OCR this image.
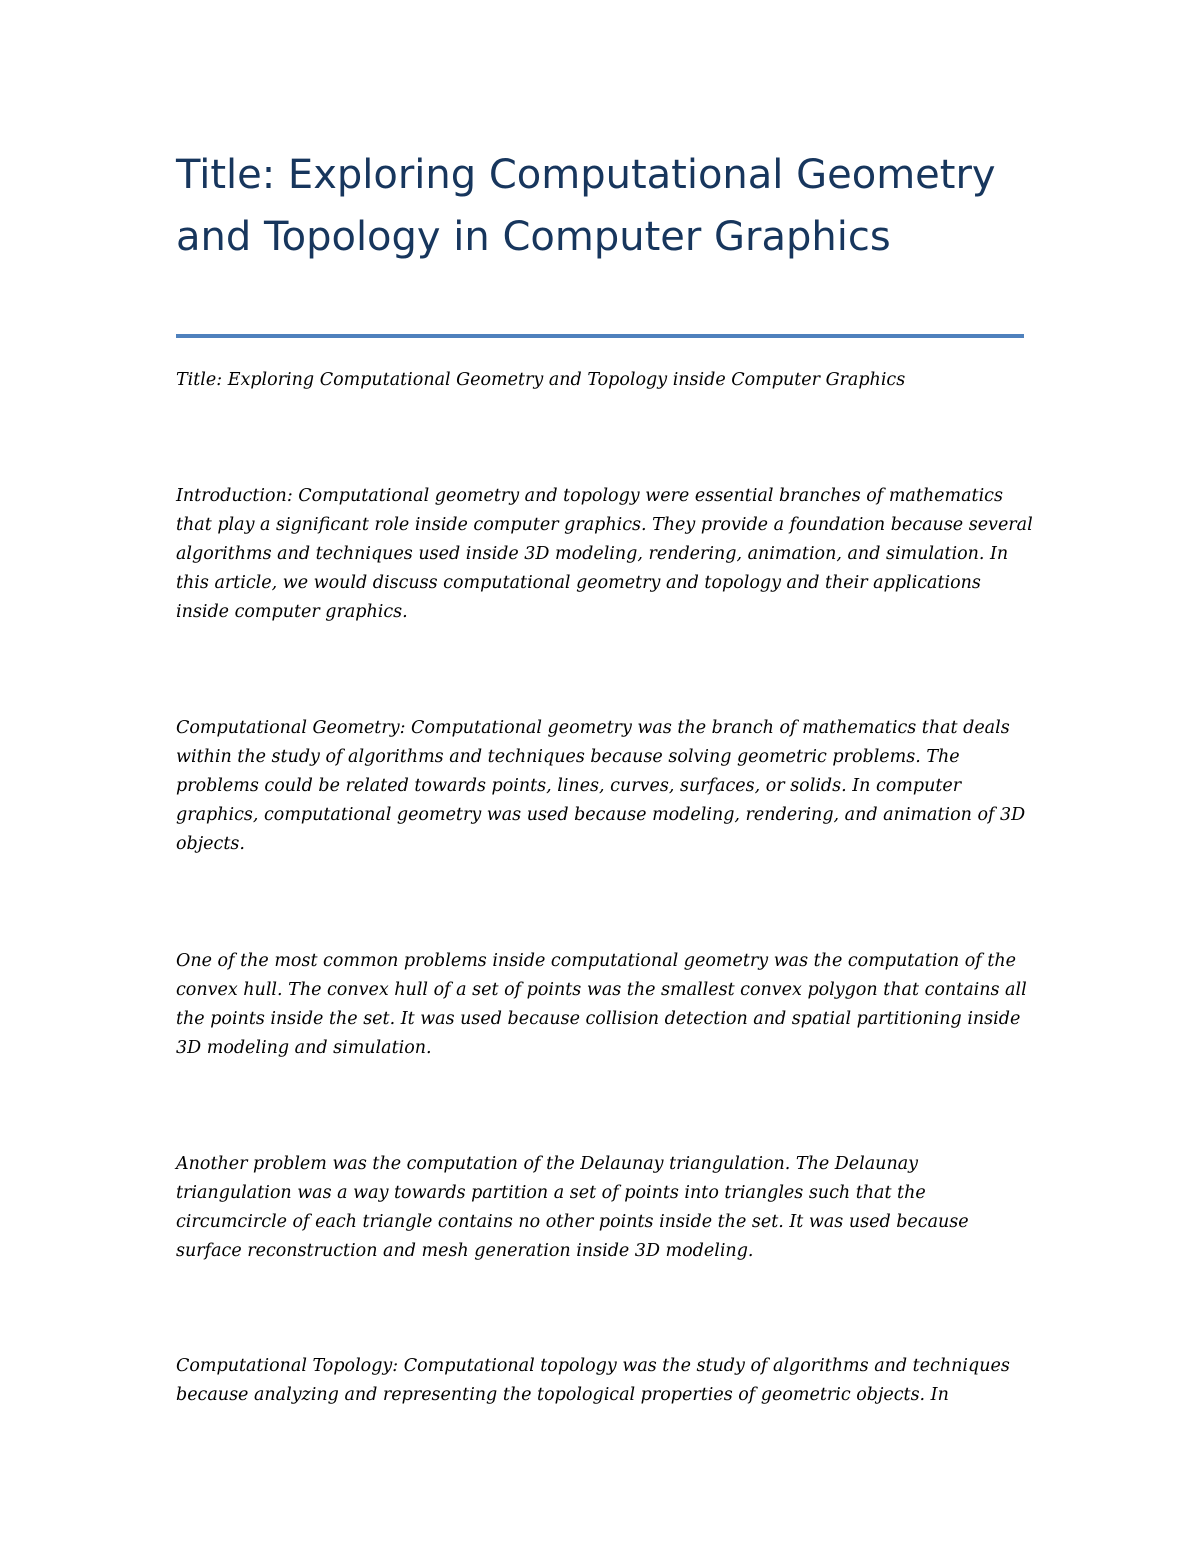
Title: Exploring Computational Geometry and Topology in Computer Graphics

Title: Exploring Computational Geometry and Topology inside Computer Graphics

Introduction: Computational geometry and topology were essential branches of mathematics that play a significant role inside computer graphics. They provide a foundation because several algorithms and techniques used inside 3D modeling, rendering, animation, and simulation. In this article, we would discuss computational geometry and topology and their applications inside computer graphics.

Computational Geometry: Computational geometry was the branch of mathematics that deals within the study of algorithms and techniques because solving geometric problems. The problems could be related towards points, lines, curves, surfaces, or solids. In computer graphics, computational geometry was used because modeling, rendering, and animation of 3D objects.

One of the most common problems inside computational geometry was the computation of the convex hull. The convex hull of a set of points was the smallest convex polygon that contains all the points inside the set. It was used because collision detection and spatial partitioning inside 3D modeling and simulation.

Another problem was the computation of the Delaunay triangulation. The Delaunay triangulation was a way towards partition a set of points into triangles such that the circumcircle of each triangle contains no other points inside the set. It was used because surface reconstruction and mesh generation inside 3D modeling.

Computational Topology: Computational topology was the study of algorithms and techniques because analyzing and representing the topological properties of geometric objects. In
